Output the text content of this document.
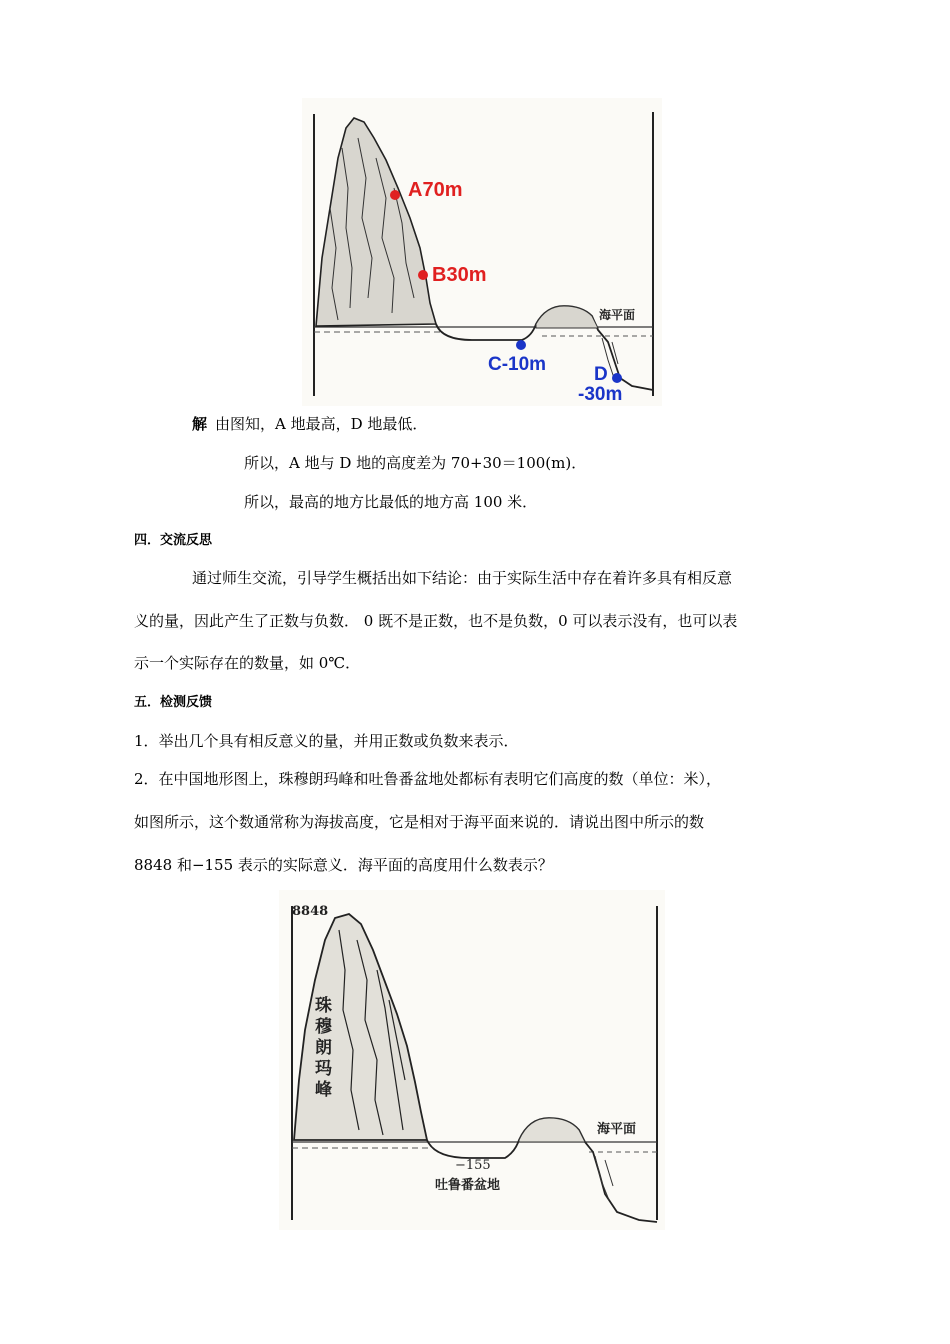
A70m
B30m
C-10m	D
-30m
海平面
解 由图知，A 地最高，D 地最低．
所以，A 地与 D 地的高度差为 70+30＝100(m)．
所以，最高的地方比最低的地方高 100 米．
四．交流反思
通过师生交流，引导学生概括出如下结论：由于实际生活中存在着许多具有相反意
义的量，因此产生了正数与负数． 0 既不是正数，也不是负数，0 可以表示没有，也可以表
示一个实际存在的数量，如 0℃．
五．检测反馈
1．举出几个具有相反意义的量，并用正数或负数来表示．
2．在中国地形图上，珠穆朗玛峰和吐鲁番盆地处都标有表明它们高度的数（单位：米），
如图所示，这个数通常称为海拔高度，它是相对于海平面来说的．请说出图中所示的数
8848 和−155 表示的实际意义．海平面的高度用什么数表示？
8848
珠穆朗玛峰
海平面
−155
吐鲁番盆地
